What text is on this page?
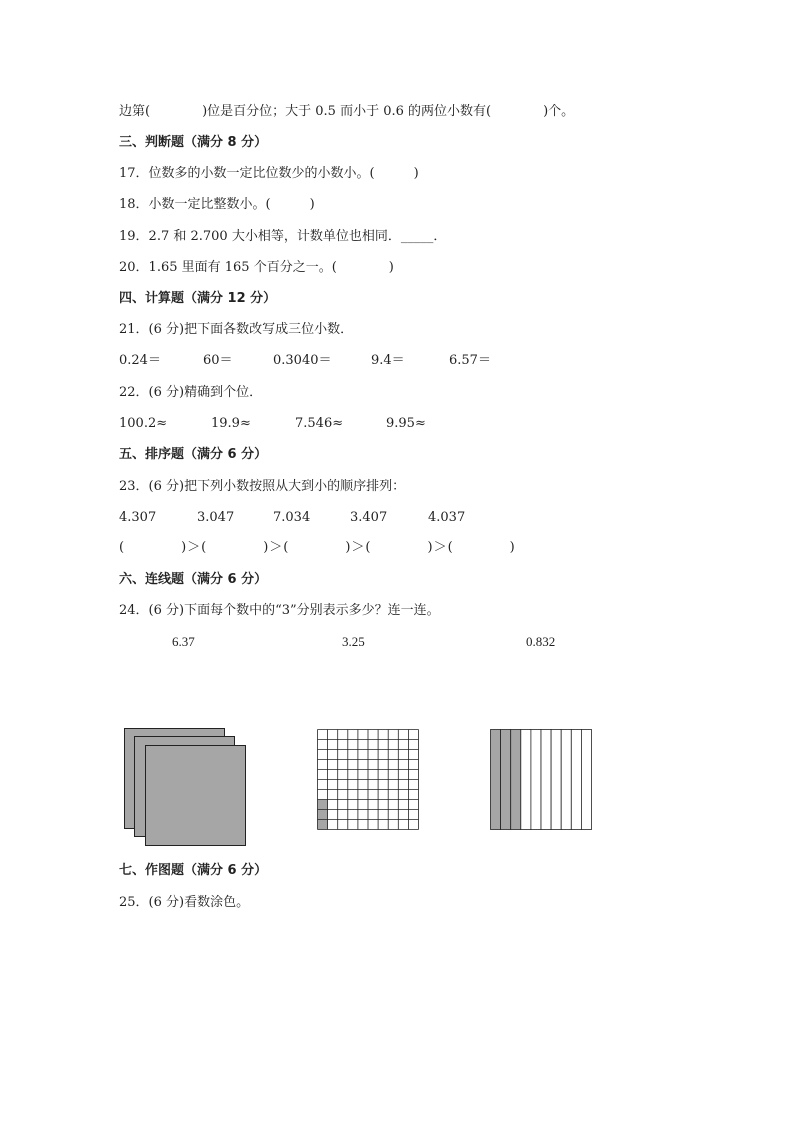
边第(　　　　)位是百分位；大于 0.5 而小于 0.6 的两位小数有(　　　　)个。
三、判断题（满分 8 分）
17．位数多的小数一定比位数少的小数小。(　　　)
18．小数一定比整数小。(　　　)
19．2.7 和 2.700 大小相等，计数单位也相同．_____．
20．1.65 里面有 165 个百分之一。(　　　　)
四、计算题（满分 12 分）
21．(6 分)把下面各数改写成三位小数．
0.24＝	60＝	0.3040＝	9.4＝	6.57＝
22．(6 分)精确到个位．
100.2≈	19.9≈	7.546≈	9.95≈
五、排序题（满分 6 分）
23．(6 分)把下列小数按照从大到小的顺序排列：
4.307	3.047	7.034	3.407	4.037
(　　　　)＞(　　　　)＞(　　　　)＞(　　　　)＞(　　　　)
六、连线题（满分 6 分）
24．(6 分)下面每个数中的“3”分别表示多少？连一连。
6.37	3.25	0.832
七、作图题（满分 6 分）
25．(6 分)看数涂色。
